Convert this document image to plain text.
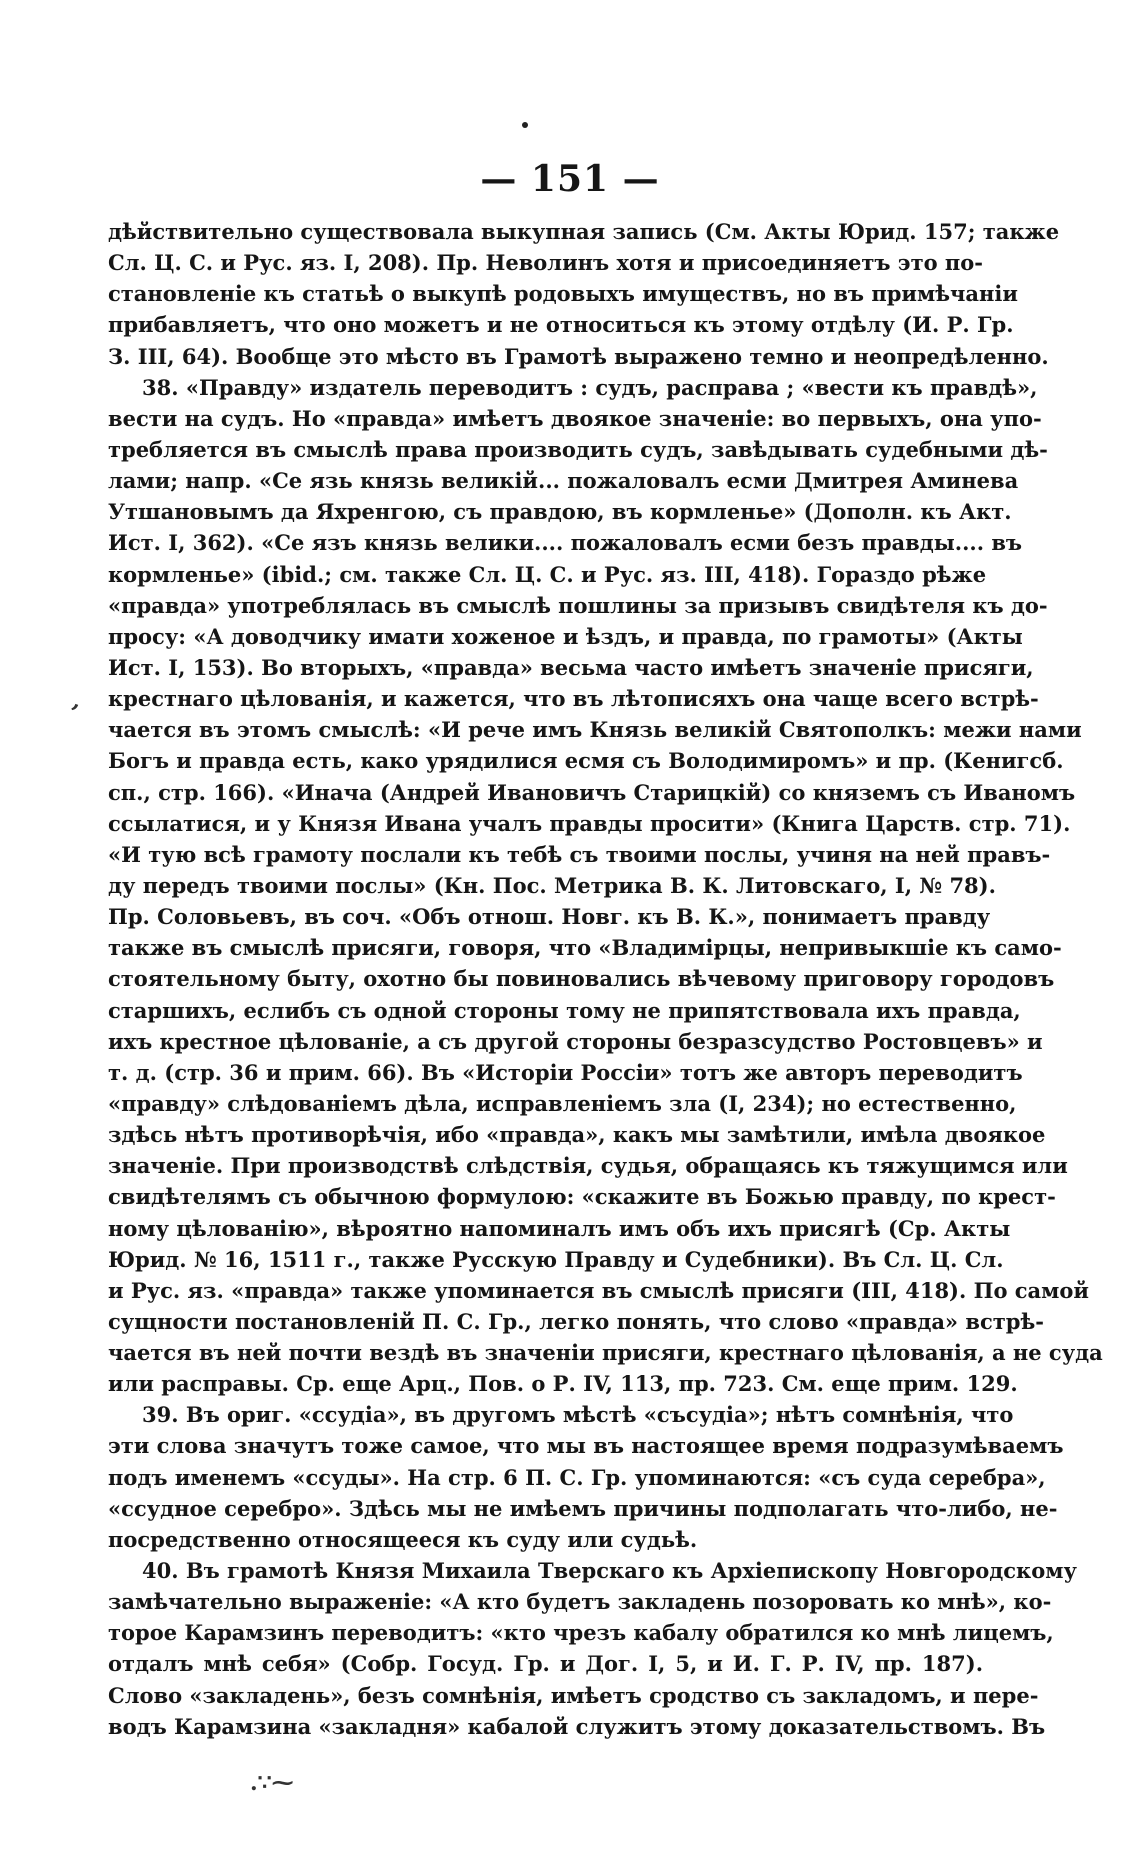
— 151 —
,
дѣйствительно существовала выкупная запись (См. Акты Юрид. 157; также
Сл. Ц. С. и Рус. яз. I, 208). Пр. Неволинъ хотя и присоединяетъ это по-
становленіе къ статьѣ о выкупѣ родовыхъ имуществъ, но въ примѣчаніи
прибавляетъ, что оно можетъ и не относиться къ этому отдѣлу (И. Р. Гр.
З. III, 64). Вообще это мѣсто въ Грамотѣ выражено темно и неопредѣленно.
38. «Правду» издатель переводитъ : судъ, расправа ; «вести къ правдѣ»,
вести на судъ. Но «правда» имѣетъ двоякое значеніе: во первыхъ, она упо-
требляется въ смыслѣ права производить судъ, завѣдывать судебными дѣ-
лами; напр. «Се язь князь великій... пожаловалъ есми Дмитрея Аминева
Утшановымъ да Яхренгою, съ правдою, въ кормленье» (Дополн. къ Акт.
Ист. I, 362). «Се язъ князь велики.... пожаловалъ есми безъ правды.... въ
кормленье» (ibid.; см. также Сл. Ц. С. и Рус. яз. III, 418). Гораздо рѣже
«правда» употреблялась въ смыслѣ пошлины за призывъ свидѣтеля къ до-
просу: «А доводчику имати хоженое и ѣздъ, и правда, по грамоты» (Акты
Ист. I, 153). Во вторыхъ, «правда» весьма часто имѣетъ значеніе присяги,
крестнаго цѣлованія, и кажется, что въ лѣтописяхъ она чаще всего встрѣ-
чается въ этомъ смыслѣ: «И рече имъ Князь великій Святополкъ: межи нами
Богъ и правда есть, како урядилися есмя съ Володимиромъ» и пр. (Кенигсб.
сп., стр. 166). «Инача (Андрей Ивановичъ Старицкій) со княземъ съ Иваномъ
ссылатися, и у Князя Ивана учалъ правды просити» (Книга Царств. стр. 71).
«И тую всѣ грамоту послали къ тебѣ съ твоими послы, учиня на ней правъ-
ду передъ твоими послы» (Кн. Пос. Метрика В. К. Литовскаго, I, № 78).
Пр. Соловьевъ, въ соч. «Объ отнош. Новг. къ В. К.», понимаетъ правду
также въ смыслѣ присяги, говоря, что «Владимірцы, непривыкшіе къ само-
стоятельному быту, охотно бы повиновались вѣчевому приговору городовъ
старшихъ, еслибъ съ одной стороны тому не припятствовала ихъ правда,
ихъ крестное цѣлованіе, а съ другой стороны безразсудство Ростовцевъ» и
т. д. (стр. 36 и прим. 66). Въ «Исторіи Россіи» тотъ же авторъ переводитъ
«правду» слѣдованіемъ дѣла, исправленіемъ зла (I, 234); но естественно,
здѣсь нѣтъ противорѣчія, ибо «правда», какъ мы замѣтили, имѣла двоякое
значеніе. При производствѣ слѣдствія, судья, обращаясь къ тяжущимся или
свидѣтелямъ съ обычною формулою: «скажите въ Божью правду, по крест-
ному цѣлованію», вѣроятно напоминалъ имъ объ ихъ присягѣ (Ср. Акты
Юрид. № 16, 1511 г., также Русскую Правду и Судебники). Въ Сл. Ц. Сл.
и Рус. яз. «правда» также упоминается въ смыслѣ присяги (III, 418). По самой
сущности постановленій П. С. Гр., легко понять, что слово «правда» встрѣ-
чается въ ней почти вездѣ въ значеніи присяги, крестнаго цѣлованія, а не суда
или расправы. Ср. еще Арц., Пов. о Р. IV, 113, пр. 723. См. еще прим. 129.
39. Въ ориг. «ссудіа», въ другомъ мѣстѣ «съсудіа»; нѣтъ сомнѣнія, что
эти слова значутъ тоже самое, что мы въ настоящее время подразумѣваемъ
подъ именемъ «ссуды». На стр. 6 П. С. Гр. упоминаются: «съ суда серебра»,
«ссудное серебро». Здѣсь мы не имѣемъ причины подполагать что-либо, не-
посредственно относящееся къ суду или судьѣ.
40. Въ грамотѣ Князя Михаила Тверскаго къ Архіепископу Новгородскому
замѣчательно выраженіе: «А кто будетъ закладень позоровать ко мнѣ», ко-
торое Карамзинъ переводитъ: «кто чрезъ кабалу обратился ко мнѣ лицемъ,
отдалъ мнѣ себя» (Собр. Госуд. Гр. и Дог. I, 5, и И. Г. Р. IV, пр. 187).
Слово «закладень», безъ сомнѣнія, имѣетъ сродство съ закладомъ, и пере-
водъ Карамзина «закладня» кабалой служитъ этому доказательствомъ. Въ
.∵⁓
